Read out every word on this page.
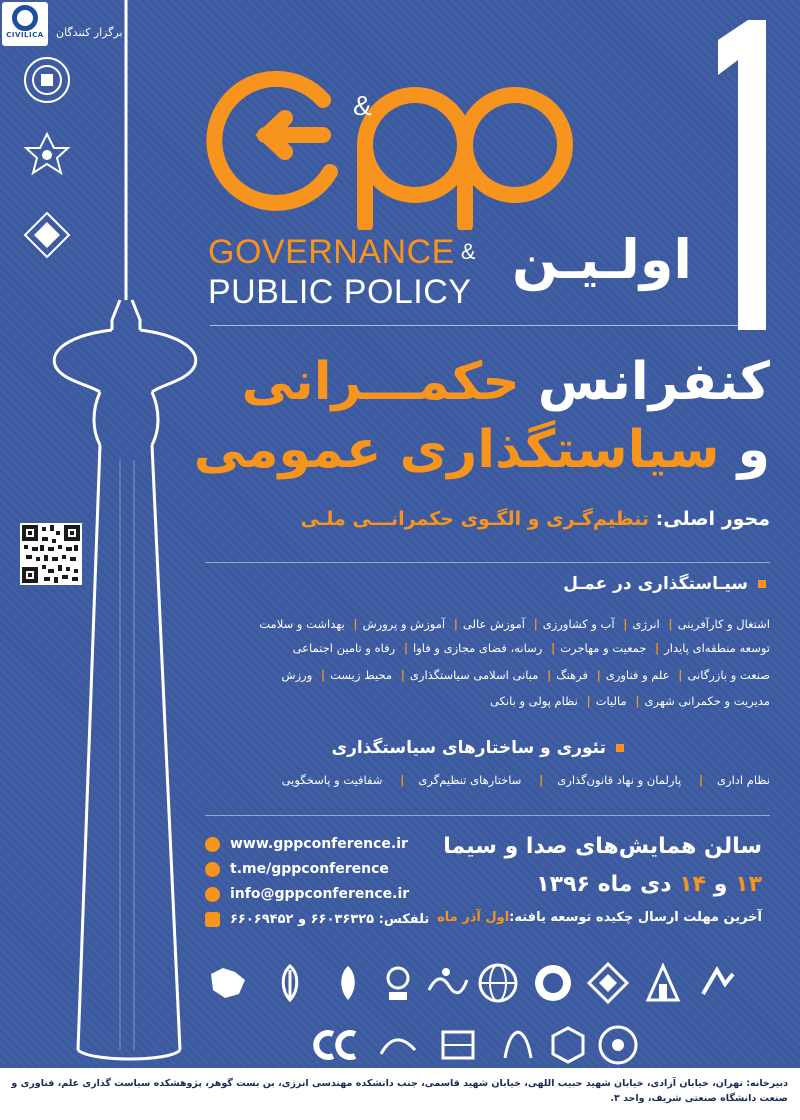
CIVILICA	برگزار کنندگان
&
GOVERNANCE &
PUBLIC POLICY
اولـیـن
کنفرانس حکمـــرانی
و سیاستگذاری عمومی
محور اصلی: تنظیم‌گـری و الگـوی حکمرانـــی ملـی
سیـاستگذاری در عمـل
اشتغال و کارآفرینی| انرژی| آب و کشاورزی| آموزش عالی| آموزش و پرورش| بهداشت و سلامت
توسعه منطقه‌ای پایدار| جمعیت و مهاجرت| رسانه، فضای مجازی و فاوا| رفاه و تامین اجتماعی
صنعت و بازرگانی| علم و فناوری| فرهنگ| مبانی اسلامی سیاستگذاری| محیط زیست| ورزش
مدیریت و حکمرانی شهری| مالیات| نظام پولی و بانکی
تئوری و ساختارهای سیاستگذاری
نظام اداری| پارلمان و نهاد قانون‌گذاری| ساختارهای تنظیم‌گری| شفافیت و پاسخگویی
www.gppconference.ir
t.me/gppconference
info@gppconference.ir
تلفکس: ۶۶۰۳۶۳۲۵ و ۶۶۰۶۹۴۵۲
سالن همایش‌های صدا و سیما
۱۳ و ۱۴ دی ماه ۱۳۹۶
آخرین مهلت ارسال چکیده توسعه یافته:اول آذر ماه
دبیرخانه: تهران، خیابان آزادی، خیابان شهید حبیب اللهی، خیابان شهید قاسمی، جنب دانشکده مهندسی انرژی، بن بست گوهر، پژوهشکده سیاست گذاری علم، فناوری و صنعت دانشگاه صنعتی شریف، واحد ۳.
